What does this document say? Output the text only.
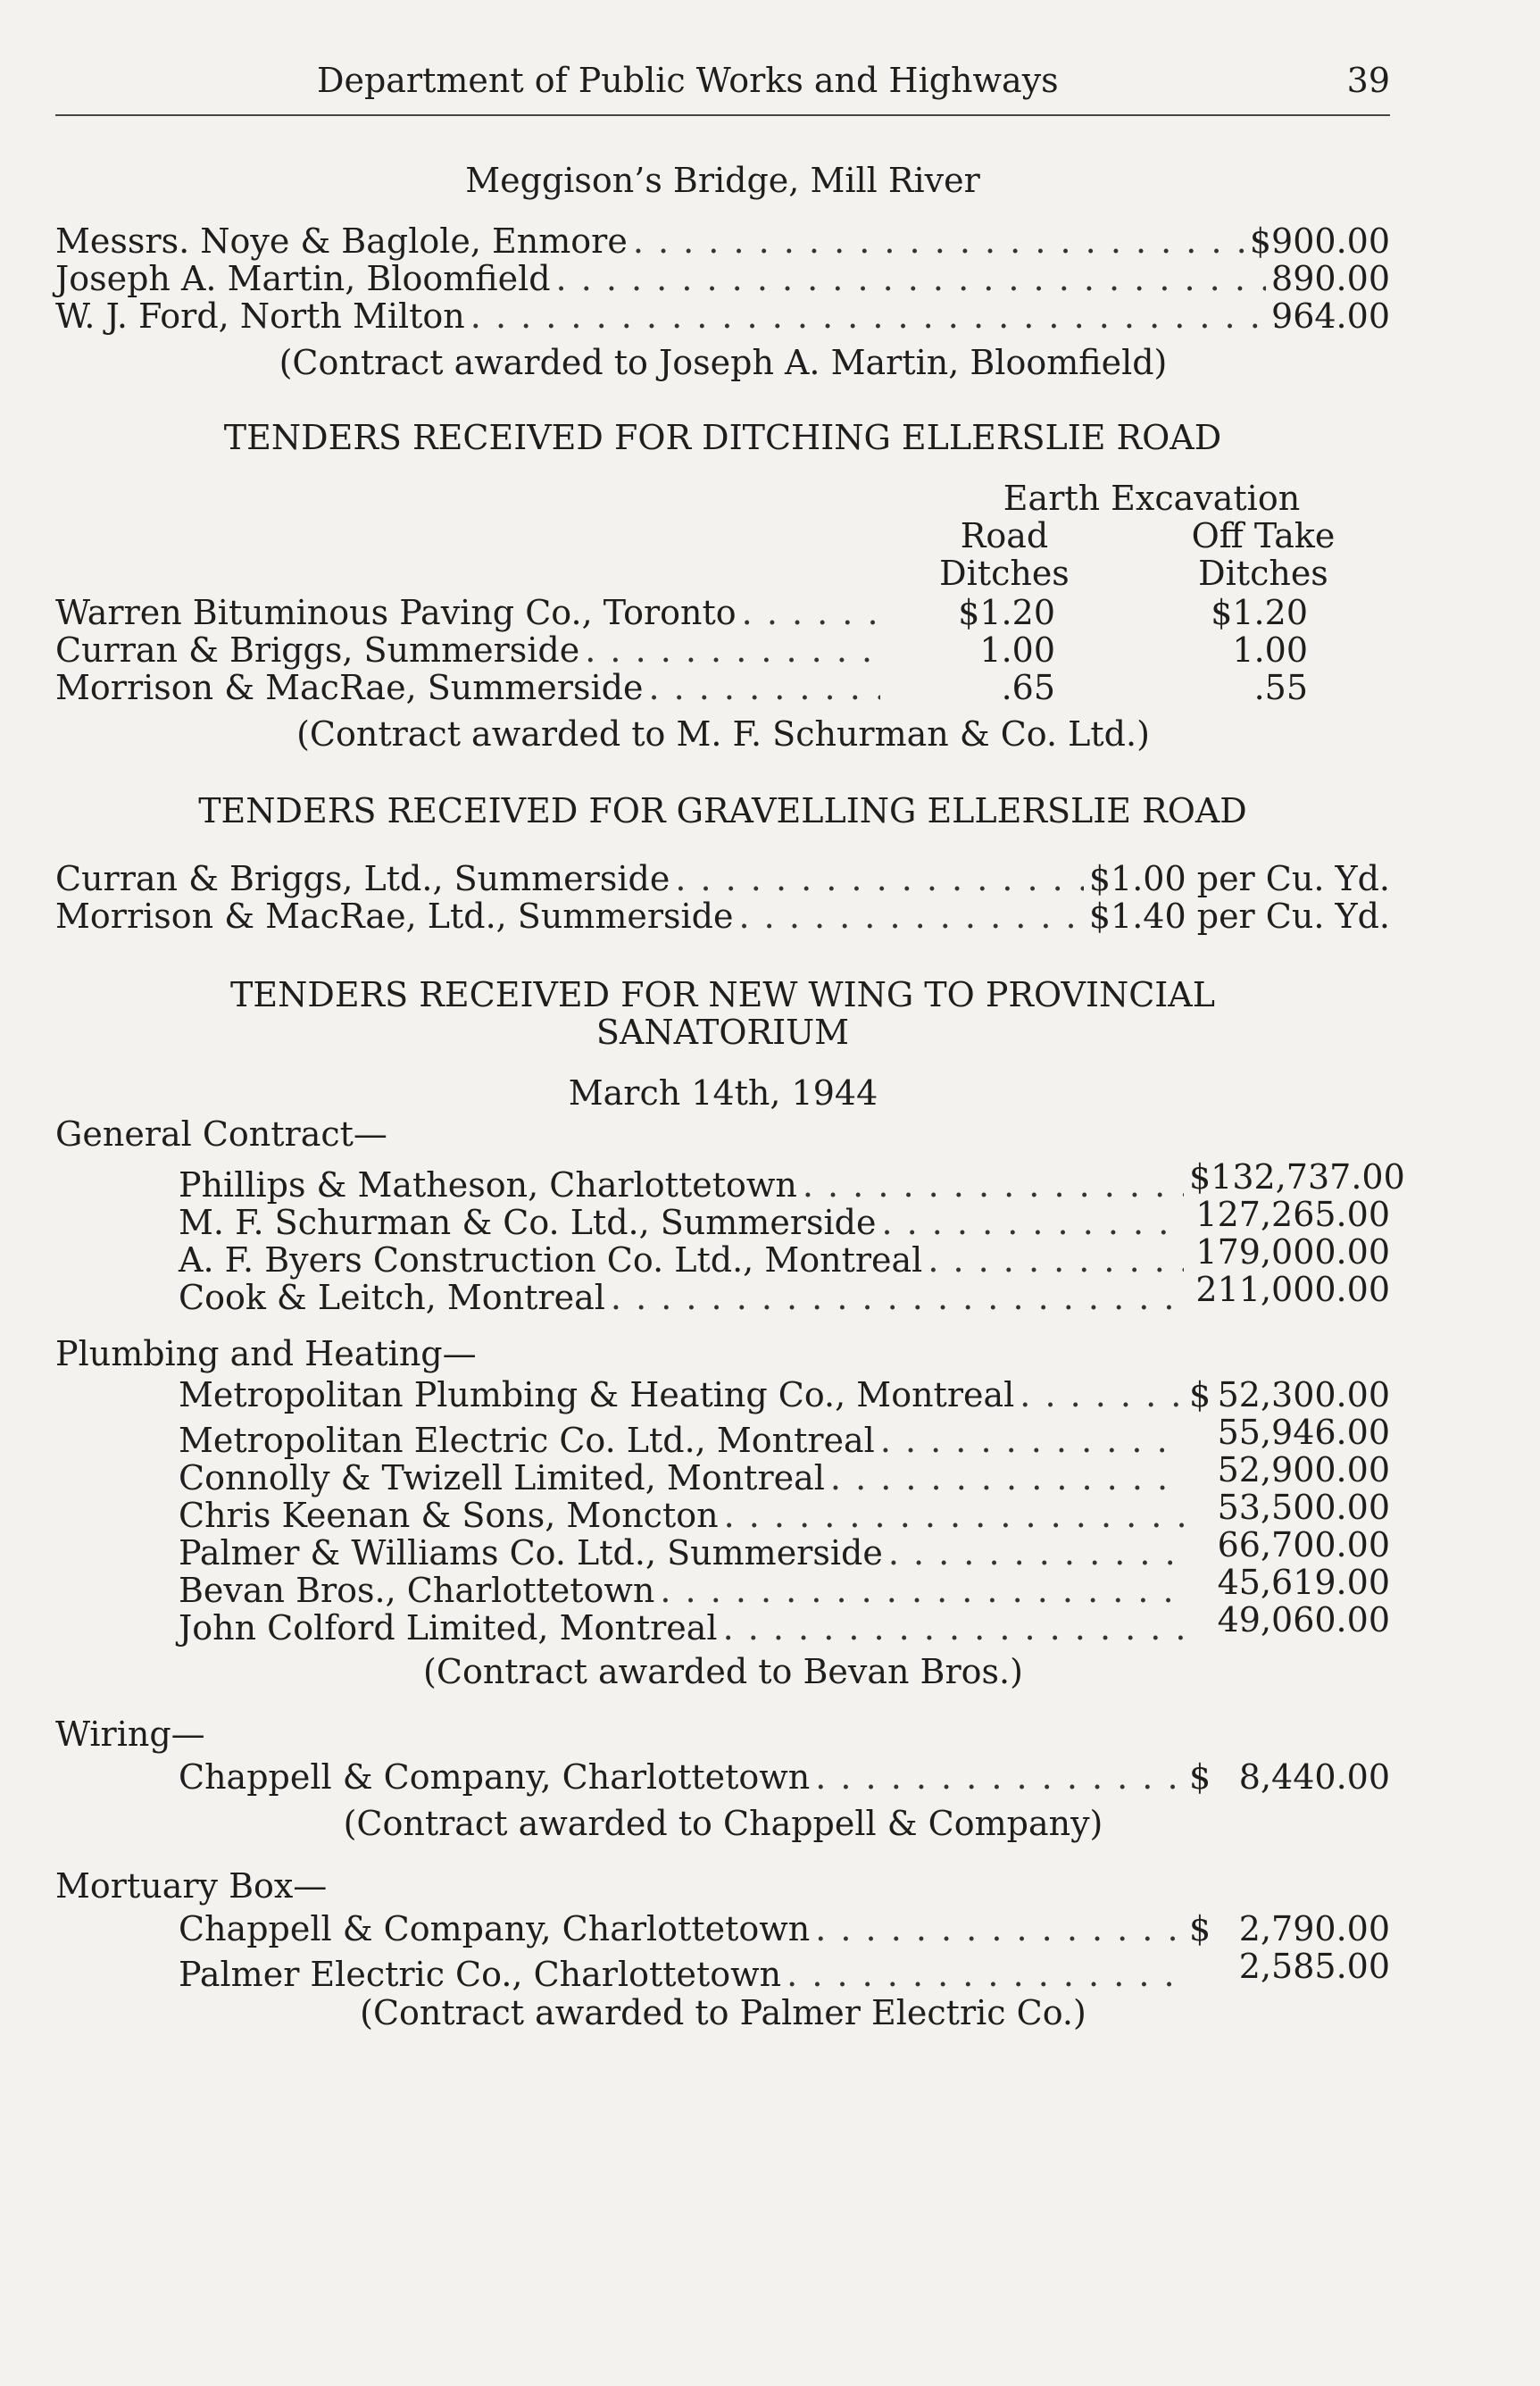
Department of Public Works and Highways	39
Meggison’s Bridge, Mill River
Messrs. Noye & Baglole, Enmore . . .	$900.00
Joseph A. Martin, Bloomfield . . .	890.00
W. J. Ford, North Milton . . .	964.00
(Contract awarded to Joseph A. Martin, Bloomfield)
TENDERS RECEIVED FOR DITCHING ELLERSLIE ROAD
Earth Excavation
Road
Ditches
Off Take
Ditches
Warren Bituminous Paving Co., Toronto . . .	$1.20	$1.20
Curran & Briggs, Summerside . . .	1.00	1.00
Morrison & MacRae, Summerside . . .	.65	.55
(Contract awarded to M. F. Schurman & Co. Ltd.)
TENDERS RECEIVED FOR GRAVELLING ELLERSLIE ROAD
Curran & Briggs, Ltd., Summerside . . .	$1.00 per Cu. Yd.
Morrison & MacRae, Ltd., Summerside . . .	$1.40 per Cu. Yd.
TENDERS RECEIVED FOR NEW WING TO PROVINCIAL
SANATORIUM
March 14th, 1944
General Contract—
Phillips & Matheson, Charlottetown . . .	$132,737.00
M. F. Schurman & Co. Ltd., Summerside . . .	127,265.00
A. F. Byers Construction Co. Ltd., Montreal . . .	179,000.00
Cook & Leitch, Montreal . . .	211,000.00
Plumbing and Heating—
Metropolitan Plumbing & Heating Co., Montreal . . .	$ 52,300.00
Metropolitan Electric Co. Ltd., Montreal . . .	55,946.00
Connolly & Twizell Limited, Montreal . . .	52,900.00
Chris Keenan & Sons, Moncton . . .	53,500.00
Palmer & Williams Co. Ltd., Summerside . . .	66,700.00
Bevan Bros., Charlottetown . . .	45,619.00
John Colford Limited, Montreal . . .	49,060.00
(Contract awarded to Bevan Bros.)
Wiring—
Chappell & Company, Charlottetown . . .	$ 8,440.00
(Contract awarded to Chappell & Company)
Mortuary Box—
Chappell & Company, Charlottetown . . .	$ 2,790.00
Palmer Electric Co., Charlottetown . . .	2,585.00
(Contract awarded to Palmer Electric Co.)
